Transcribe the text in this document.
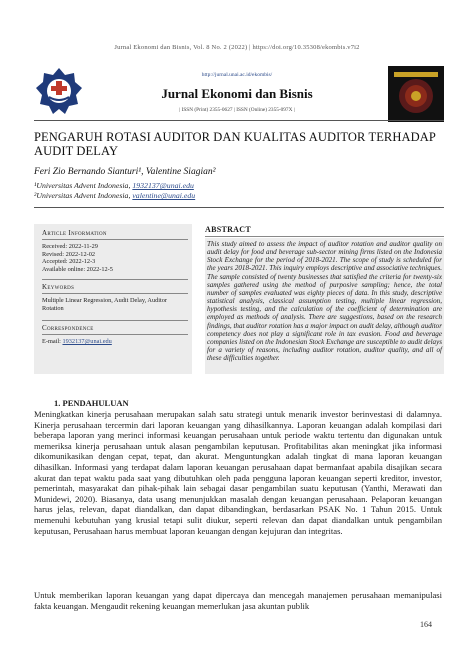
Jurnal Ekonomi dan Bisnis, Vol. 8 No. 2 (2022) | https://doi.org/10.35308/ekombis.v7i2
http://jurnal.unai.ac.id/ekombis/
Jurnal Ekonomi dan Bisnis
| ISSN (Print) 2355-0627 | ISSN (Online) 2355-097X |
PENGARUH ROTASI AUDITOR DAN KUALITAS AUDITOR TERHADAP AUDIT DELAY
Feri Zio Bernando Sianturi¹, Valentine Siagian²
¹Universitas Advent Indonesia, 1932137@unai.edu
²Universitas Advent Indonesia, valentine@unai.edu
Article Information
Received: 2022-11-29
Revised: 2022-12-02
Accepted: 2022-12-3
Available online: 2022-12-5
Keywords
Multiple Linear Regression, Audit Delay, Auditor Rotation
Correspondence
E-mail: 1932137@unai.edu
ABSTRACT
This study aimed to assess the impact of auditor rotation and auditor quality on audit delay for food and beverage sub-sector mining firms listed on the Indonesia Stock Exchange for the period of 2018-2021. The scope of study is scheduled for the years 2018-2021. This inquiry employs descriptive and associative techniques. The sample consisted of twenty businesses that satisfied the criteria for twenty-six samples gathered using the method of purposive sampling; hence, the total number of samples evaluated was eighty pieces of data. In this study, descriptive statistical analysis, classical assumption testing, multiple linear regression, hypothesis testing, and the calculation of the coefficient of determination are employed as methods of analysis. There are suggestions, based on the research findings, that auditor rotation has a major impact on audit delay, although auditor competency does not play a significant role in tax evasion. Food and beverage companies listed on the Indonesian Stock Exchange are susceptible to audit delays for a variety of reasons, including auditor rotation, auditor quality, and all of these difficulties together.
1. PENDAHULUAN
Meningkatkan kinerja perusahaan merupakan salah satu strategi untuk menarik investor berinvestasi di dalamnya. Kinerja perusahaan tercermin dari laporan keuangan yang dihasilkannya. Laporan keuangan adalah kompilasi dari beberapa laporan yang merinci informasi keuangan perusahaan untuk periode waktu tertentu dan digunakan untuk memeriksa kinerja perusahaan untuk alasan pengambilan keputusan. Profitabilitas akan meningkat jika informasi dikomunikasikan dengan cepat, tepat, dan akurat. Menguntungkan adalah tingkat di mana laporan keuangan dihasilkan. Informasi yang terdapat dalam laporan keuangan perusahaan dapat bermanfaat apabila disajikan secara akurat dan tepat waktu pada saat yang dibutuhkan oleh pada pengguna laporan keuangan seperti kreditor, investor, pemerintah, masyarakat dan pihak-pihak lain sebagai dasar pengambilan suatu keputusan (Yanthi, Merawati dan Munidewi, 2020). Biasanya, data usang menunjukkan masalah dengan keuangan perusahaan. Pelaporan keuangan harus jelas, relevan, dapat diandalkan, dan dapat dibandingkan, berdasarkan PSAK No. 1 Tahun 2015. Untuk memenuhi kebutuhan yang krusial tetapi sulit diukur, seperti relevan dan dapat diandalkan untuk pengambilan keputusan, Perusahaan harus membuat laporan keuangan dengan kejujuran dan integritas.
Untuk memberikan laporan keuangan yang dapat dipercaya dan mencegah manajemen perusahaan memanipulasi fakta keuangan. Mengaudit rekening keuangan memerlukan jasa akuntan publik
164
